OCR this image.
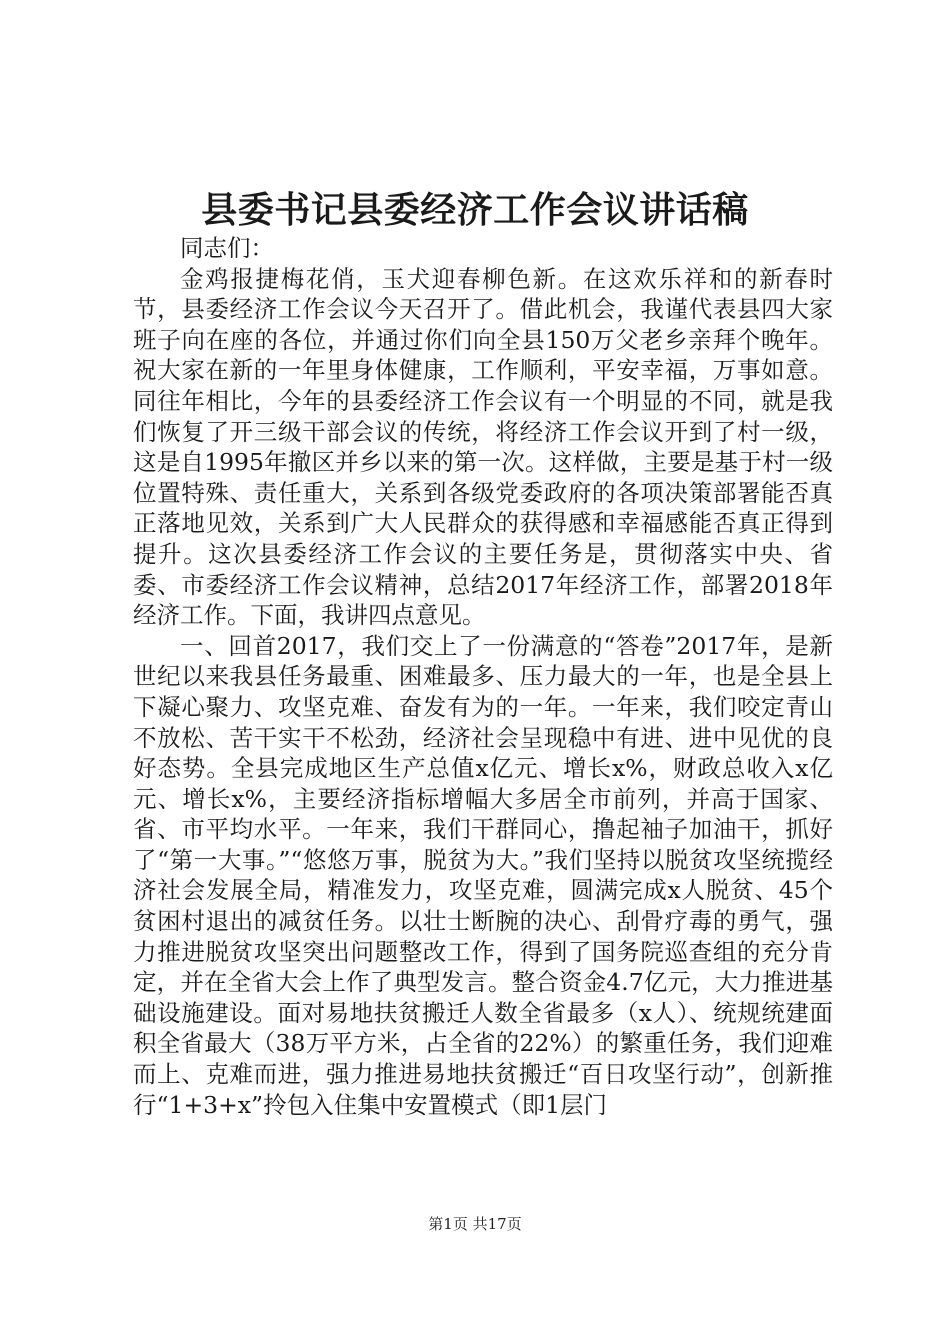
县委书记县委经济工作会议讲话稿

同志们：

金鸡报捷梅花俏，玉犬迎春柳色新。在这欢乐祥和的新春时节，县委经济工作会议今天召开了。借此机会，我谨代表县四大家班子向在座的各位，并通过你们向全县150万父老乡亲拜个晚年。祝大家在新的一年里身体健康，工作顺利，平安幸福，万事如意。同往年相比，今年的县委经济工作会议有一个明显的不同，就是我们恢复了开三级干部会议的传统，将经济工作会议开到了村一级，这是自1995年撤区并乡以来的第一次。这样做，主要是基于村一级位置特殊、责任重大，关系到各级党委政府的各项决策部署能否真正落地见效，关系到广大人民群众的获得感和幸福感能否真正得到提升。这次县委经济工作会议的主要任务是，贯彻落实中央、省委、市委经济工作会议精神，总结2017年经济工作，部署2018年经济工作。下面，我讲四点意见。

一、回首2017，我们交上了一份满意的“答卷”2017年，是新世纪以来我县任务最重、困难最多、压力最大的一年，也是全县上下凝心聚力、攻坚克难、奋发有为的一年。一年来，我们咬定青山不放松、苦干实干不松劲，经济社会呈现稳中有进、进中见优的良好态势。全县完成地区生产总值x亿元、增长x%，财政总收入x亿元、增长x%，主要经济指标增幅大多居全市前列，并高于国家、省、市平均水平。一年来，我们干群同心，撸起袖子加油干，抓好了“第一大事。”“悠悠万事，脱贫为大。”我们坚持以脱贫攻坚统揽经济社会发展全局，精准发力，攻坚克难，圆满完成x人脱贫、45个贫困村退出的减贫任务。以壮士断腕的决心、刮骨疗毒的勇气，强力推进脱贫攻坚突出问题整改工作，得到了国务院巡查组的充分肯定，并在全省大会上作了典型发言。整合资金4.7亿元，大力推进基础设施建设。面对易地扶贫搬迁人数全省最多（x人）、统规统建面积全省最大（38万平方米，占全省的22%）的繁重任务，我们迎难而上、克难而进，强力推进易地扶贫搬迁“百日攻坚行动”，创新推行“1+3+x”拎包入住集中安置模式（即1层门

第1页 共17页
